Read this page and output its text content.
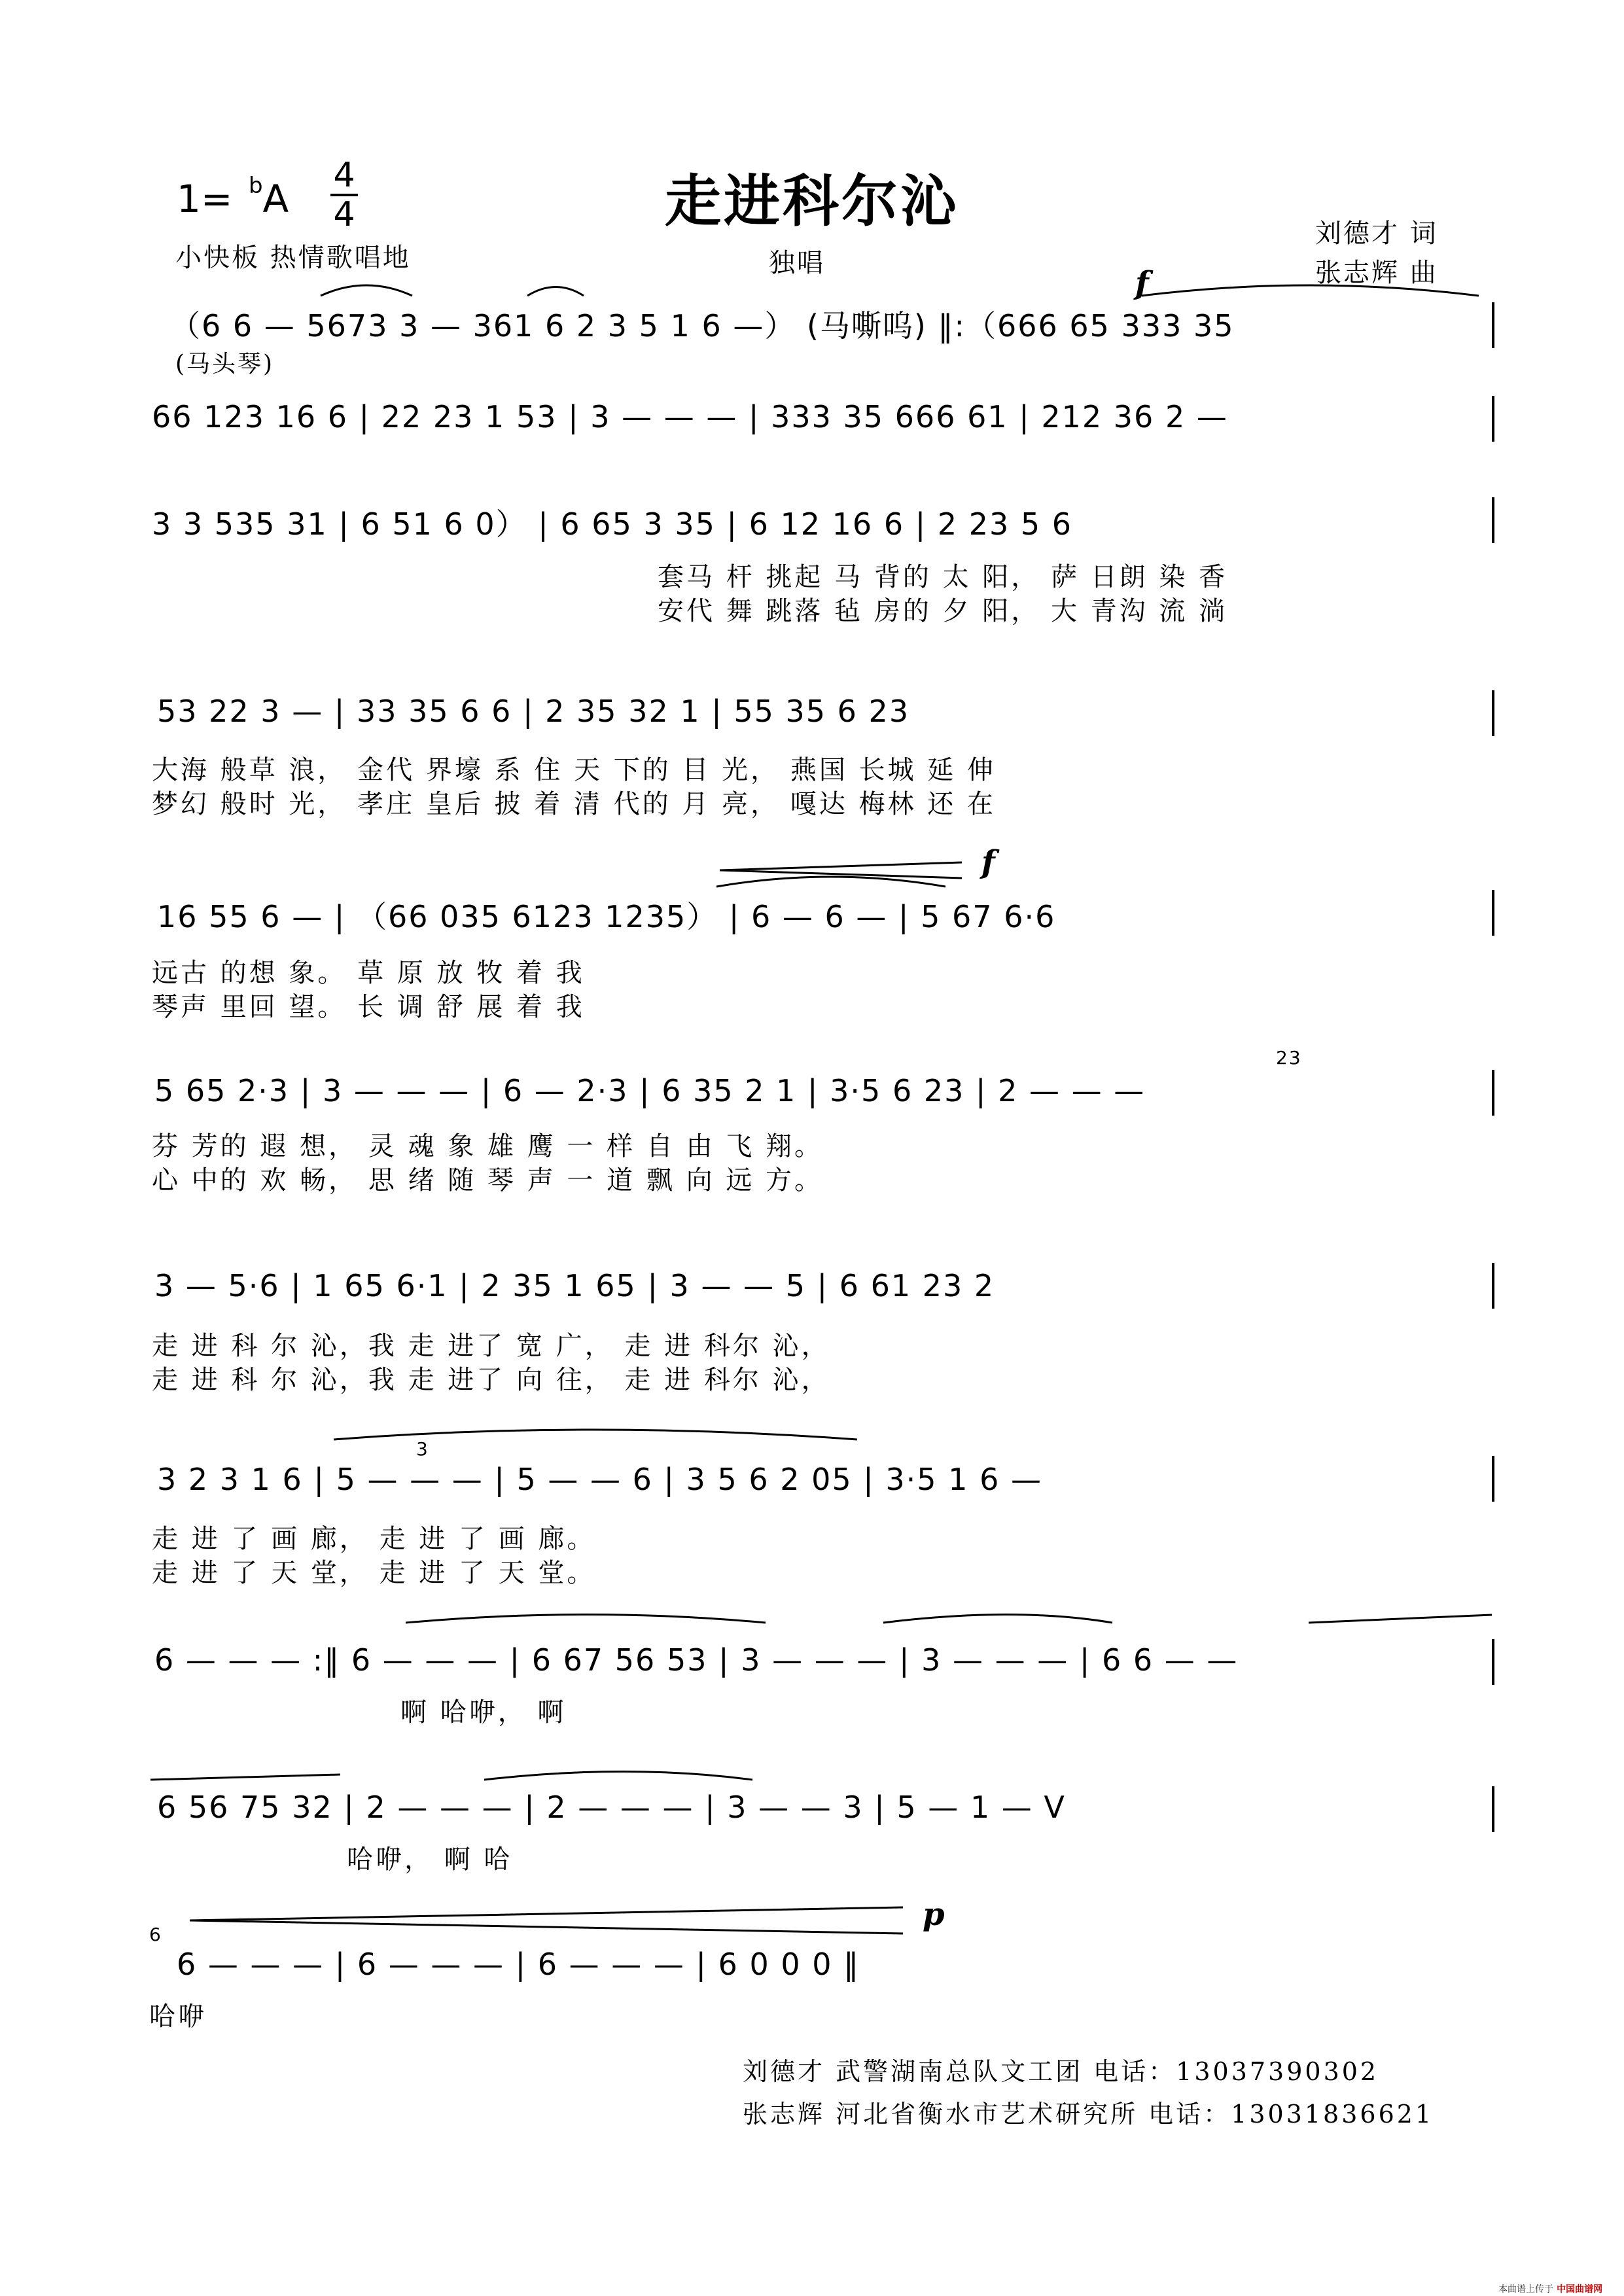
1= $^b$A
4
4	走进科尔沁
小快板 热情歌唱地	独唱
刘德才 词
张志辉 曲
（6 6 — 5673 3 — 361 6 2 3 5 1 6 —） (马嘶呜) ‖:（666 65 333 35
(马头琴)
f
66 123 16 6 | 22 23 1 53 | 3 — — — | 333 35 666 61 | 212 36 2 —
3 3 535 31 | 6 51 6 0） | 6 65 3 35 | 6 12 16 6 | 2 23 5 6
套马 杆 挑起 马 背的 太 阳， 萨 日朗 染 香
安代 舞 跳落 毡 房的 夕 阳， 大 青沟 流 淌
53 22 3 — | 33 35 6 6 | 2 35 32 1 | 55 35 6 23
大海 般草 浪， 金代 界壕 系 住 天 下的 目 光， 燕国 长城 延 伸
梦幻 般时 光， 孝庄 皇后 披 着 清 代的 月 亮， 嘎达 梅林 还 在
16 55 6 — | （66 035 6123 1235） | 6 — 6 — | 5 67 6·6
f
远古 的想 象。 草 原 放 牧 着 我
琴声 里回 望。 长 调 舒 展 着 我
5 65 2·3 | 3 — — — | 6 — 2·3 | 6 35 2 1 | 3·5 6 23 | 2 — — —
23
芬 芳的 遐 想， 灵 魂 象 雄 鹰 一 样 自 由 飞 翔。
心 中的 欢 畅， 思 绪 随 琴 声 一 道 飘 向 远 方。
3 — 5·6 | 1 65 6·1 | 2 35 1 65 | 3 — — 5 | 6 61 23 2
走 进 科 尔 沁，我 走 进了 宽 广， 走 进 科尔 沁，
走 进 科 尔 沁，我 走 进了 向 往， 走 进 科尔 沁，
3 2 3 1 6 | 5 — — — | 5 — — 6 | 3 5 6 2 05 | 3·5 1 6 —
3
走 进 了 画 廊， 走 进 了 画 廊。
走 进 了 天 堂， 走 进 了 天 堂。
6 — — — :‖ 6 — — — | 6 67 56 53 | 3 — — — | 3 — — — | 6 6 — —
啊 哈咿， 啊
6 56 75 32 | 2 — — — | 2 — — — | 3 — — 3 | 5 — 1 — V
哈咿， 啊 哈
6 — — — | 6 — — — | 6 — — — | 6 0 0 0 ‖
6
p
哈咿
刘德才 武警湖南总队文工团 电话：13037390302
张志辉 河北省衡水市艺术研究所 电话：13031836621
本曲谱上传于 中国曲谱网
